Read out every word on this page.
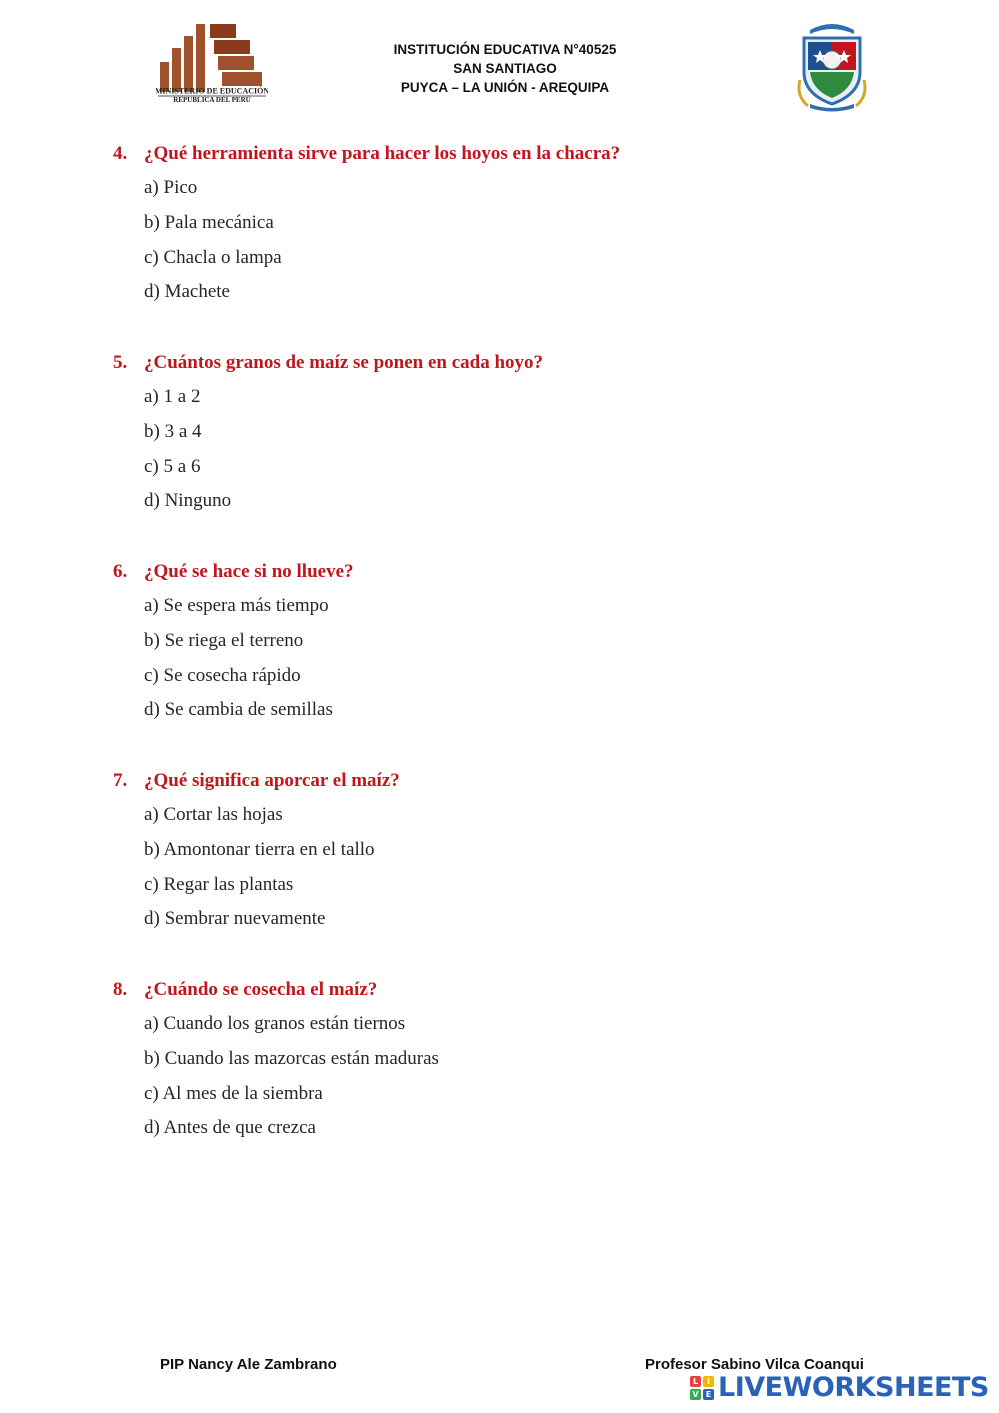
MINISTERIO DE EDUCACIÓN
REPUBLICA DEL PERÚ
INSTITUCIÓN EDUCATIVA N°40525
SAN SANTIAGO
PUYCA – LA UNIÓN - AREQUIPA
4. ¿Qué herramienta sirve para hacer los hoyos en la chacra?
a) Pico
b) Pala mecánica
c) Chacla o lampa
d) Machete
5. ¿Cuántos granos de maíz se ponen en cada hoyo?
a) 1 a 2
b) 3 a 4
c) 5 a 6
d) Ninguno
6. ¿Qué se hace si no llueve?
a) Se espera más tiempo
b) Se riega el terreno
c) Se cosecha rápido
d) Se cambia de semillas
7. ¿Qué significa aporcar el maíz?
a) Cortar las hojas
b) Amontonar tierra en el tallo
c) Regar las plantas
d) Sembrar nuevamente
8. ¿Cuándo se cosecha el maíz?
a) Cuando los granos están tiernos
b) Cuando las mazorcas están maduras
c) Al mes de la siembra
d) Antes de que crezca
PIP Nancy Ale Zambrano	Profesor Sabino Vilca Coanqui
L	I
V E LIVEWORKSHEETS
